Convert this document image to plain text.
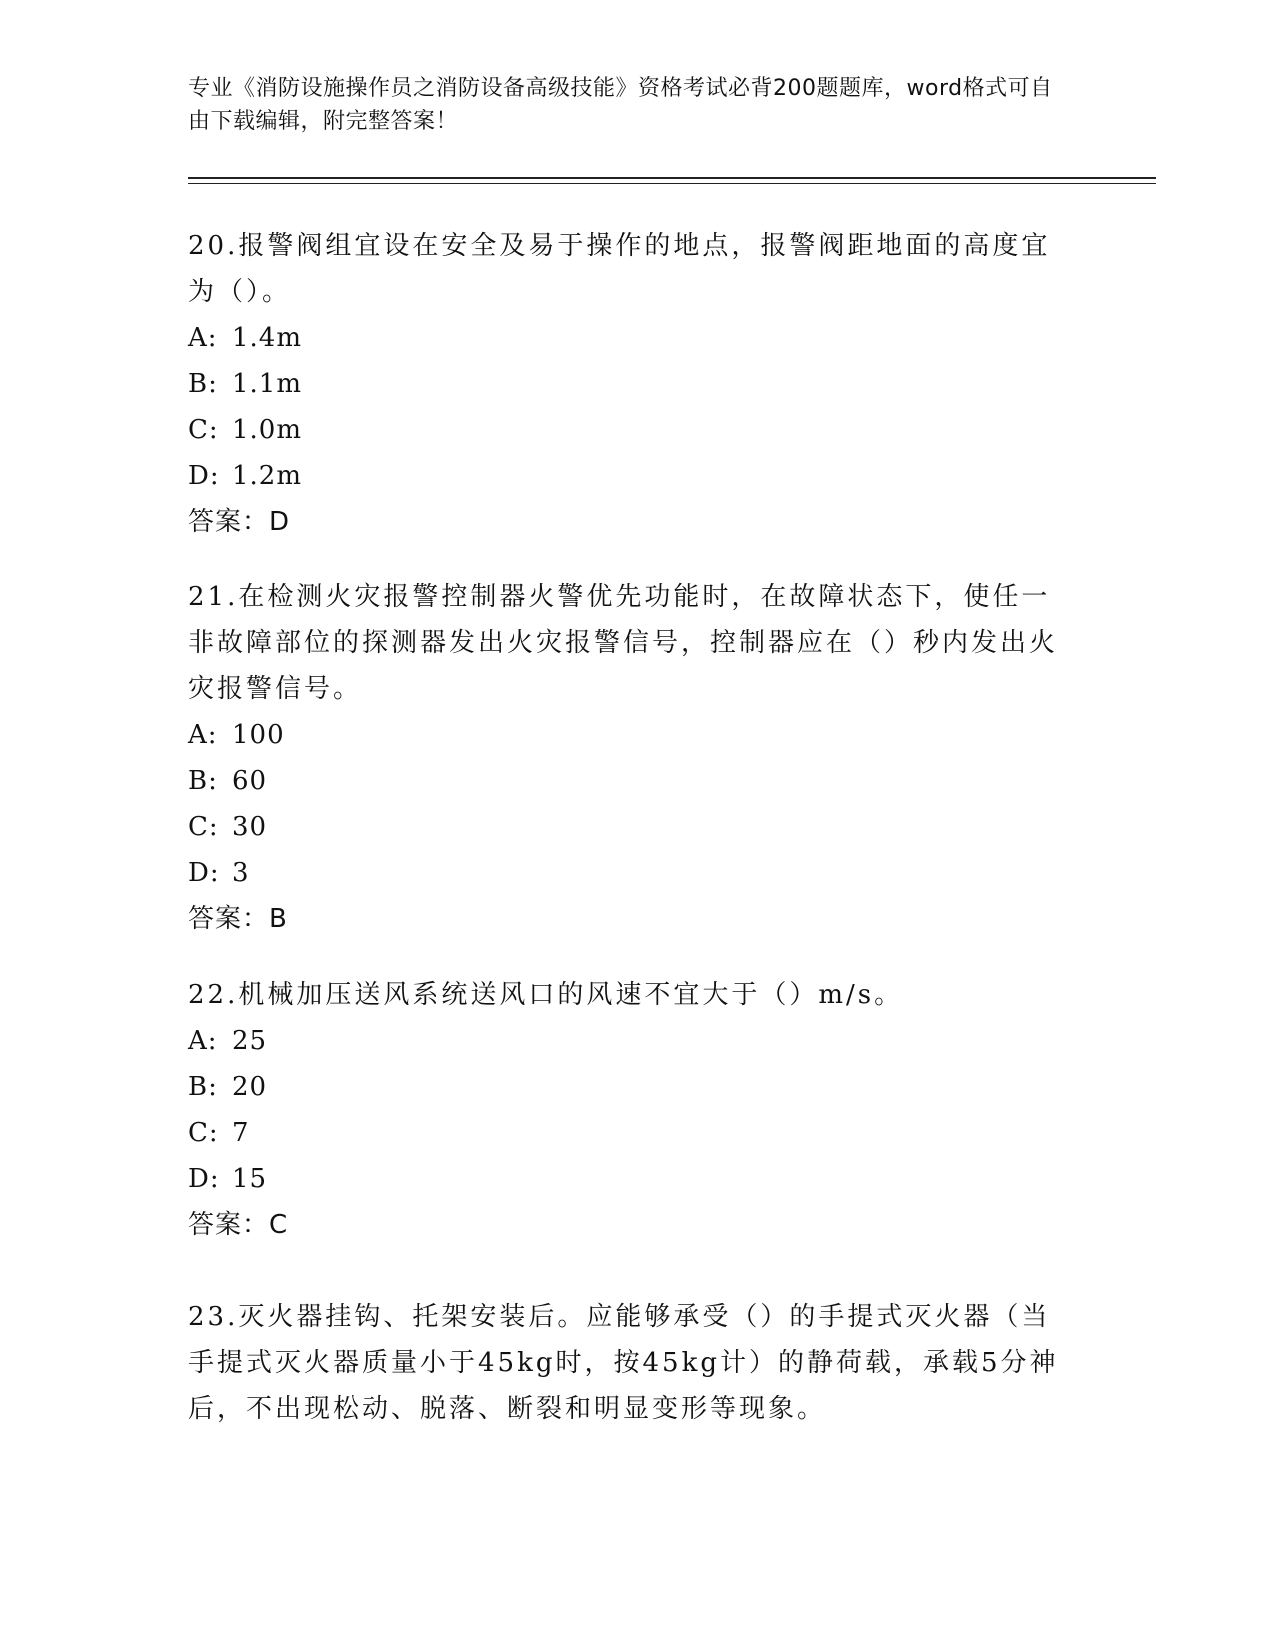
专业《消防设施操作员之消防设备高级技能》资格考试必背200题题库，word格式可自由下载编辑，附完整答案！

20.报警阀组宜设在安全及易于操作的地点，报警阀距地面的高度宜为（）。

A: 1.4m

B: 1.1m

C: 1.0m

D: 1.2m

答案：D

21.在检测火灾报警控制器火警优先功能时，在故障状态下，使任一非故障部位的探测器发出火灾报警信号，控制器应在（）秒内发出火灾报警信号。

A: 100

B: 60

C: 30

D: 3

答案：B

22.机械加压送风系统送风口的风速不宜大于（）m/s。

A: 25

B: 20

C: 7

D: 15

答案：C

23.灭火器挂钩、托架安装后。应能够承受（）的手提式灭火器（当手提式灭火器质量小于45kg时，按45kg计）的静荷载，承载5分神后，不出现松动、脱落、断裂和明显变形等现象。
